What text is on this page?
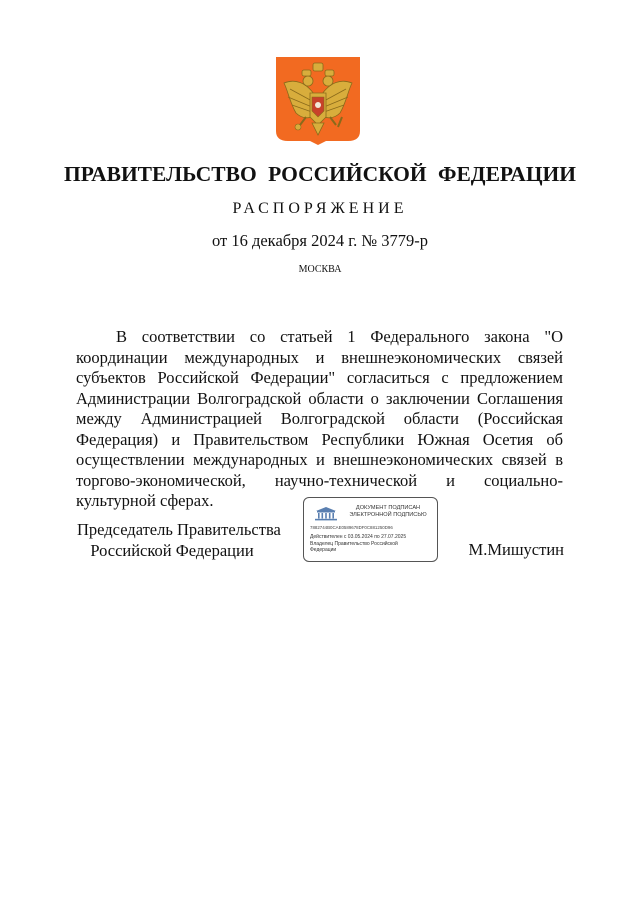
ПРАВИТЕЛЬСТВО РОССИЙСКОЙ ФЕДЕРАЦИИ
РАСПОРЯЖЕНИЕ
от 16 декабря 2024 г. № 3779-р
МОСКВА

В соответствии со статьей 1 Федерального закона "О координации международных и внешнеэкономических связей субъектов Российской Федерации" согласиться с предложением Администрации Волгоградской области о заключении Соглашения между Администрацией Волгоградской области (Российская Федерация) и Правительством Республики Южная Осетия об осуществлении международных и внешнеэкономических связей в торгово-экономической, научно-технической и социально-культурной сферах.

Председатель Правительства
Российской Федерации
ДОКУМЕНТ ПОДПИСАН
ЭЛЕКТРОННОЙ ПОДПИСЬЮ
7882744B0CAE0589678DF0C881250D96
Действителен с 03.05.2024 по 27.07.2025
Владелец Правительство Российской
Федерации	М.Мишустин
